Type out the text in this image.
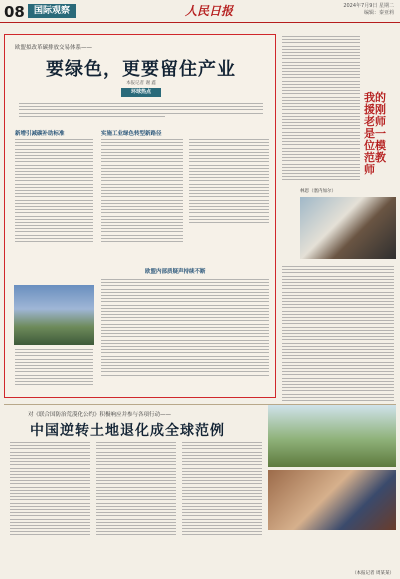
08	国际观察	人民日报	2024年7月9日 星期二
编辑：秦亚莉
欧盟拟改革碳排放交易体系——
要绿色，更要留住产业
本报记者 谢 鑫
环球热点
新增引减碳补助标准	实施工业绿色转型新路径
欧盟内部质疑声持续不断
我的援刚老师是一位模范教师
林恩（塞内加尔）
对《联合国防治荒漠化公约》积极响应并参与各项行动——
中国逆转土地退化成全球范例
（本报记者 周某某）
